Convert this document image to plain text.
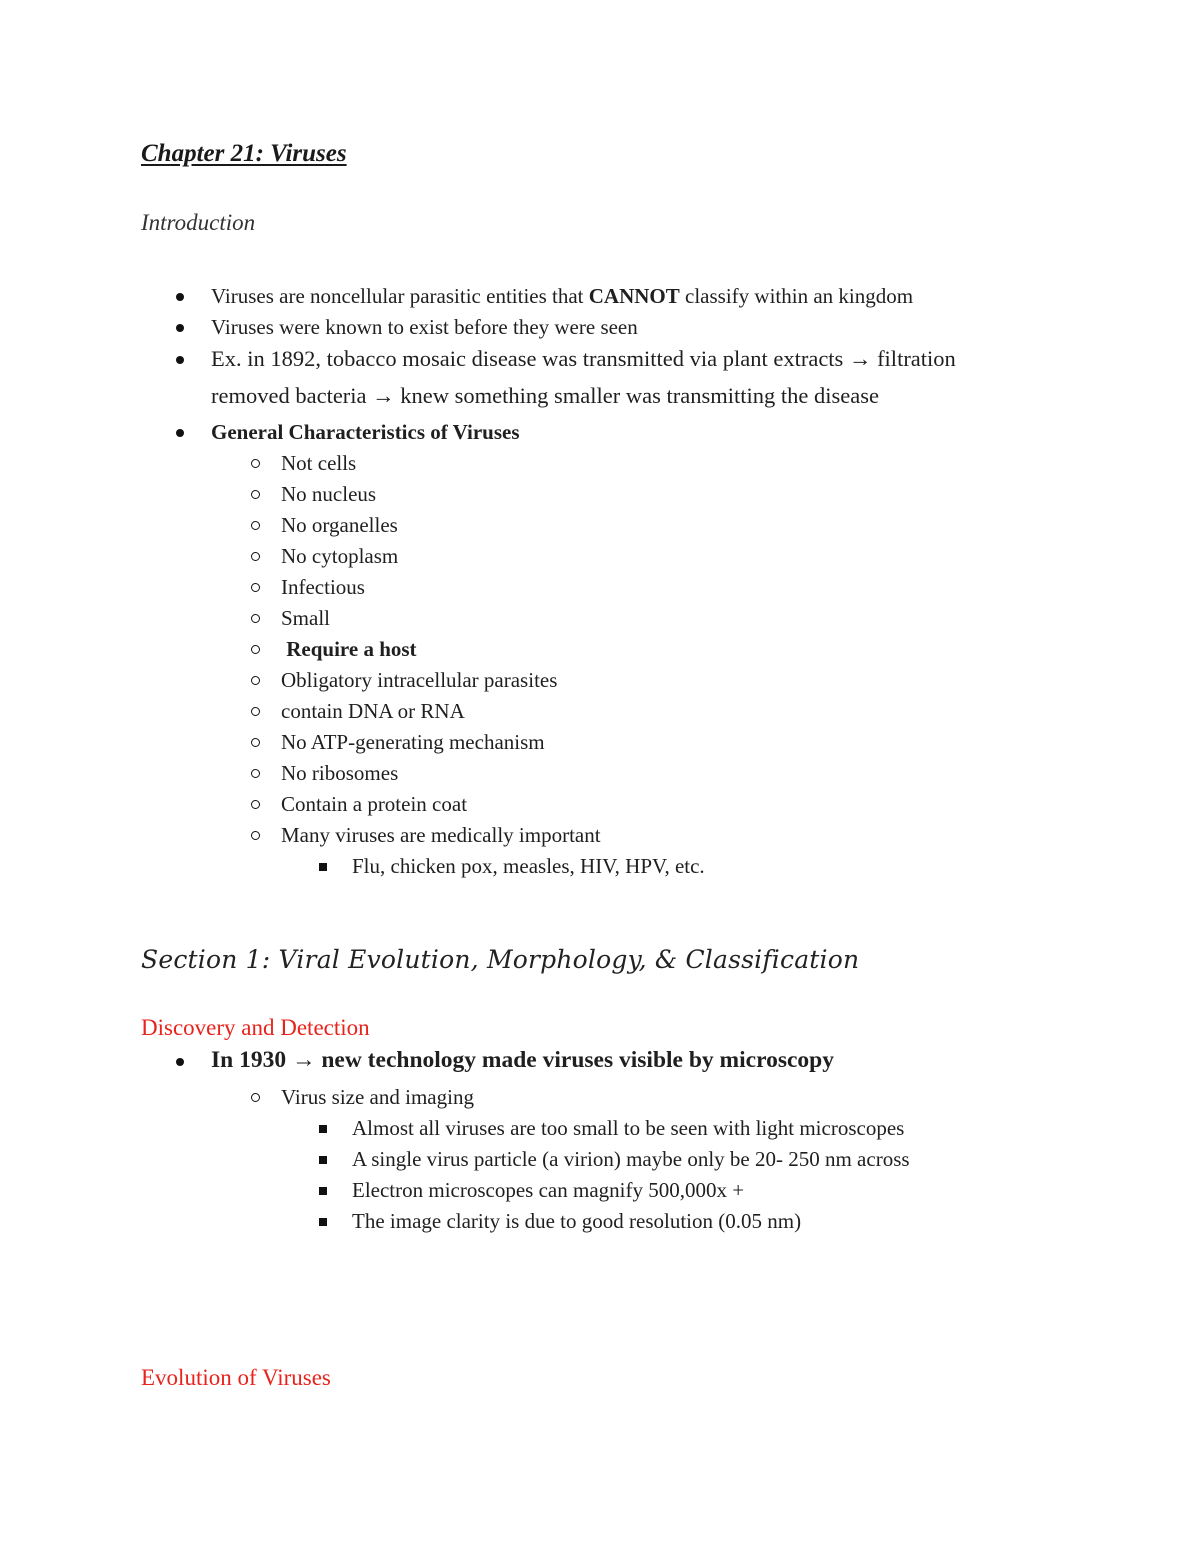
Chapter 21: Viruses
Introduction
Viruses are noncellular parasitic entities that CANNOT classify within an kingdom
Viruses were known to exist before they were seen
Ex. in 1892, tobacco mosaic disease was transmitted via plant extracts → filtration
removed bacteria → knew something smaller was transmitting the disease
General Characteristics of Viruses
Not cells
No nucleus
No organelles
No cytoplasm
Infectious
Small
Require a host
Obligatory intracellular parasites
contain DNA or RNA
No ATP-generating mechanism
No ribosomes
Contain a protein coat
Many viruses are medically important
Flu, chicken pox, measles, HIV, HPV, etc.
Section 1: Viral Evolution, Morphology, & Classification
Discovery and Detection
In 1930 → new technology made viruses visible by microscopy
Virus size and imaging
Almost all viruses are too small to be seen with light microscopes
A single virus particle (a virion) maybe only be 20- 250 nm across
Electron microscopes can magnify 500,000x +
The image clarity is due to good resolution (0.05 nm)
Evolution of Viruses
